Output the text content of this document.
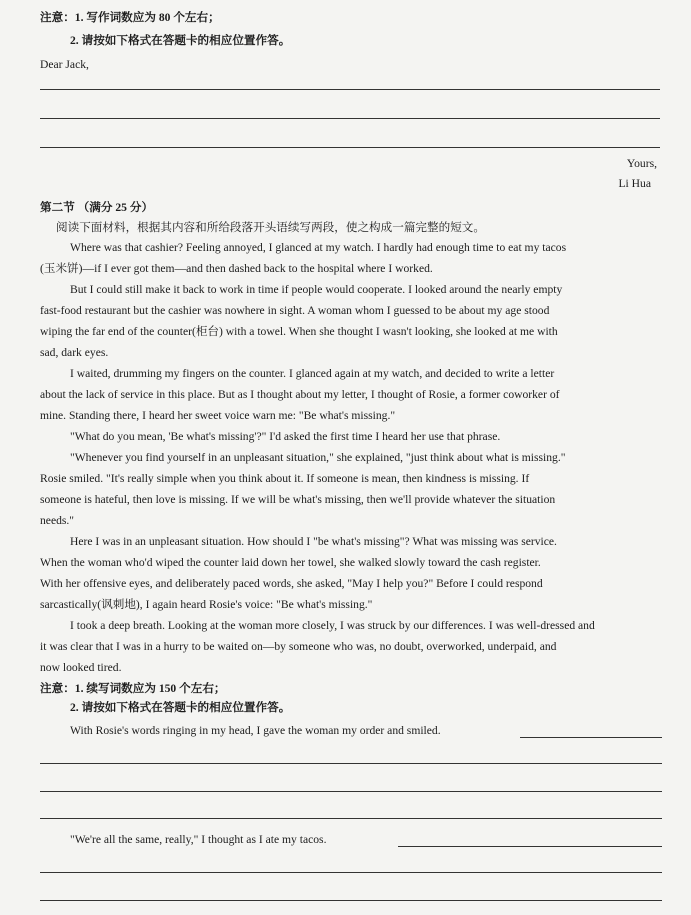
注意：1. 写作词数应为 80 个左右；
2. 请按如下格式在答题卡的相应位置作答。
Dear Jack,
Yours,
Li Hua
第二节 （满分 25 分）
阅读下面材料，根据其内容和所给段落开头语续写两段，使之构成一篇完整的短文。
Where was that cashier? Feeling annoyed, I glanced at my watch. I hardly had enough time to eat my tacos
(玉米饼)—if I ever got them—and then dashed back to the hospital where I worked.
But I could still make it back to work in time if people would cooperate. I looked around the nearly empty
fast-food restaurant but the cashier was nowhere in sight. A woman whom I guessed to be about my age stood
wiping the far end of the counter(柜台) with a towel. When she thought I wasn't looking, she looked at me with
sad, dark eyes.
I waited, drumming my fingers on the counter. I glanced again at my watch, and decided to write a letter
about the lack of service in this place. But as I thought about my letter, I thought of Rosie, a former coworker of
mine. Standing there, I heard her sweet voice warn me: "Be what's missing."
"What do you mean, 'Be what's missing'?" I'd asked the first time I heard her use that phrase.
"Whenever you find yourself in an unpleasant situation," she explained, "just think about what is missing."
Rosie smiled. "It's really simple when you think about it. If someone is mean, then kindness is missing. If
someone is hateful, then love is missing. If we will be what's missing, then we'll provide whatever the situation
needs."
Here I was in an unpleasant situation. How should I "be what's missing"? What was missing was service.
When the woman who'd wiped the counter laid down her towel, she walked slowly toward the cash register.
With her offensive eyes, and deliberately paced words, she asked, "May I help you?" Before I could respond
sarcastically(讽刺地), I again heard Rosie's voice: "Be what's missing."
I took a deep breath. Looking at the woman more closely, I was struck by our differences. I was well-dressed and
it was clear that I was in a hurry to be waited on—by someone who was, no doubt, overworked, underpaid, and
now looked tired.
注意：1. 续写词数应为 150 个左右；
2. 请按如下格式在答题卡的相应位置作答。
With Rosie's words ringing in my head, I gave the woman my order and smiled.
"We're all the same, really," I thought as I ate my tacos.
